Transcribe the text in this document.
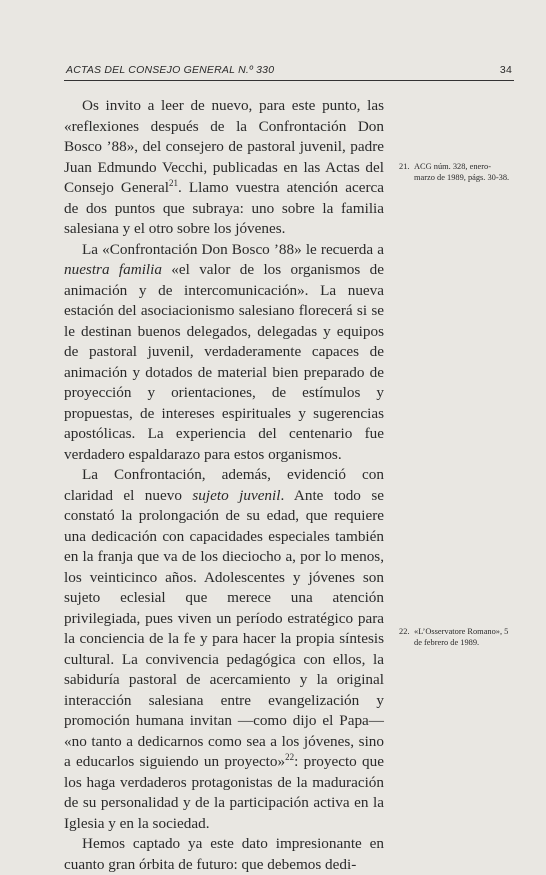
ACTAS DEL CONSEJO GENERAL N.º 330	34

Os invito a leer de nuevo, para este punto, las «reflexiones después de la Confrontación Don Bosco ’88», del consejero de pastoral juvenil, padre Juan Edmundo Vecchi, publicadas en las Actas del Consejo General$^{21}$. Llamo vuestra atención acerca de dos puntos que subraya: uno sobre la familia salesiana y el otro sobre los jóvenes.

La «Confrontación Don Bosco ’88» le recuerda a nuestra familia «el valor de los organismos de animación y de intercomunicación». La nueva estación del asociacionismo salesiano florecerá si se le destinan buenos delegados, delegadas y equipos de pastoral juvenil, verdaderamente capaces de animación y dotados de material bien preparado de proyección y orientaciones, de estímulos y propuestas, de intereses espirituales y sugerencias apostólicas. La experiencia del centenario fue verdadero espaldarazo para estos organismos.

La Confrontación, además, evidenció con claridad el nuevo sujeto juvenil. Ante todo se constató la prolongación de su edad, que requiere una dedicación con capacidades especiales también en la franja que va de los dieciocho a, por lo menos, los veinticinco años. Adolescentes y jóvenes son sujeto eclesial que merece una atención privilegiada, pues viven un período estratégico para la conciencia de la fe y para hacer la propia síntesis cultural. La convivencia pedagógica con ellos, la sabiduría pastoral de acercamiento y la original interacción salesiana entre evangelización y promoción humana invitan —como dijo el Papa— «no tanto a dedicarnos como sea a los jóvenes, sino a educarlos siguiendo un proyecto»$^{22}$: proyecto que los haga verdaderos protagonistas de la maduración de su personalidad y de la participación activa en la Iglesia y en la sociedad.

Hemos captado ya este dato impresionante en cuanto gran órbita de futuro: que debemos dedi-

21. ACG núm. 328, enero-marzo de 1989, págs. 30-38.
22. «L’Osservatore Romano», 5 de febrero de 1989.
